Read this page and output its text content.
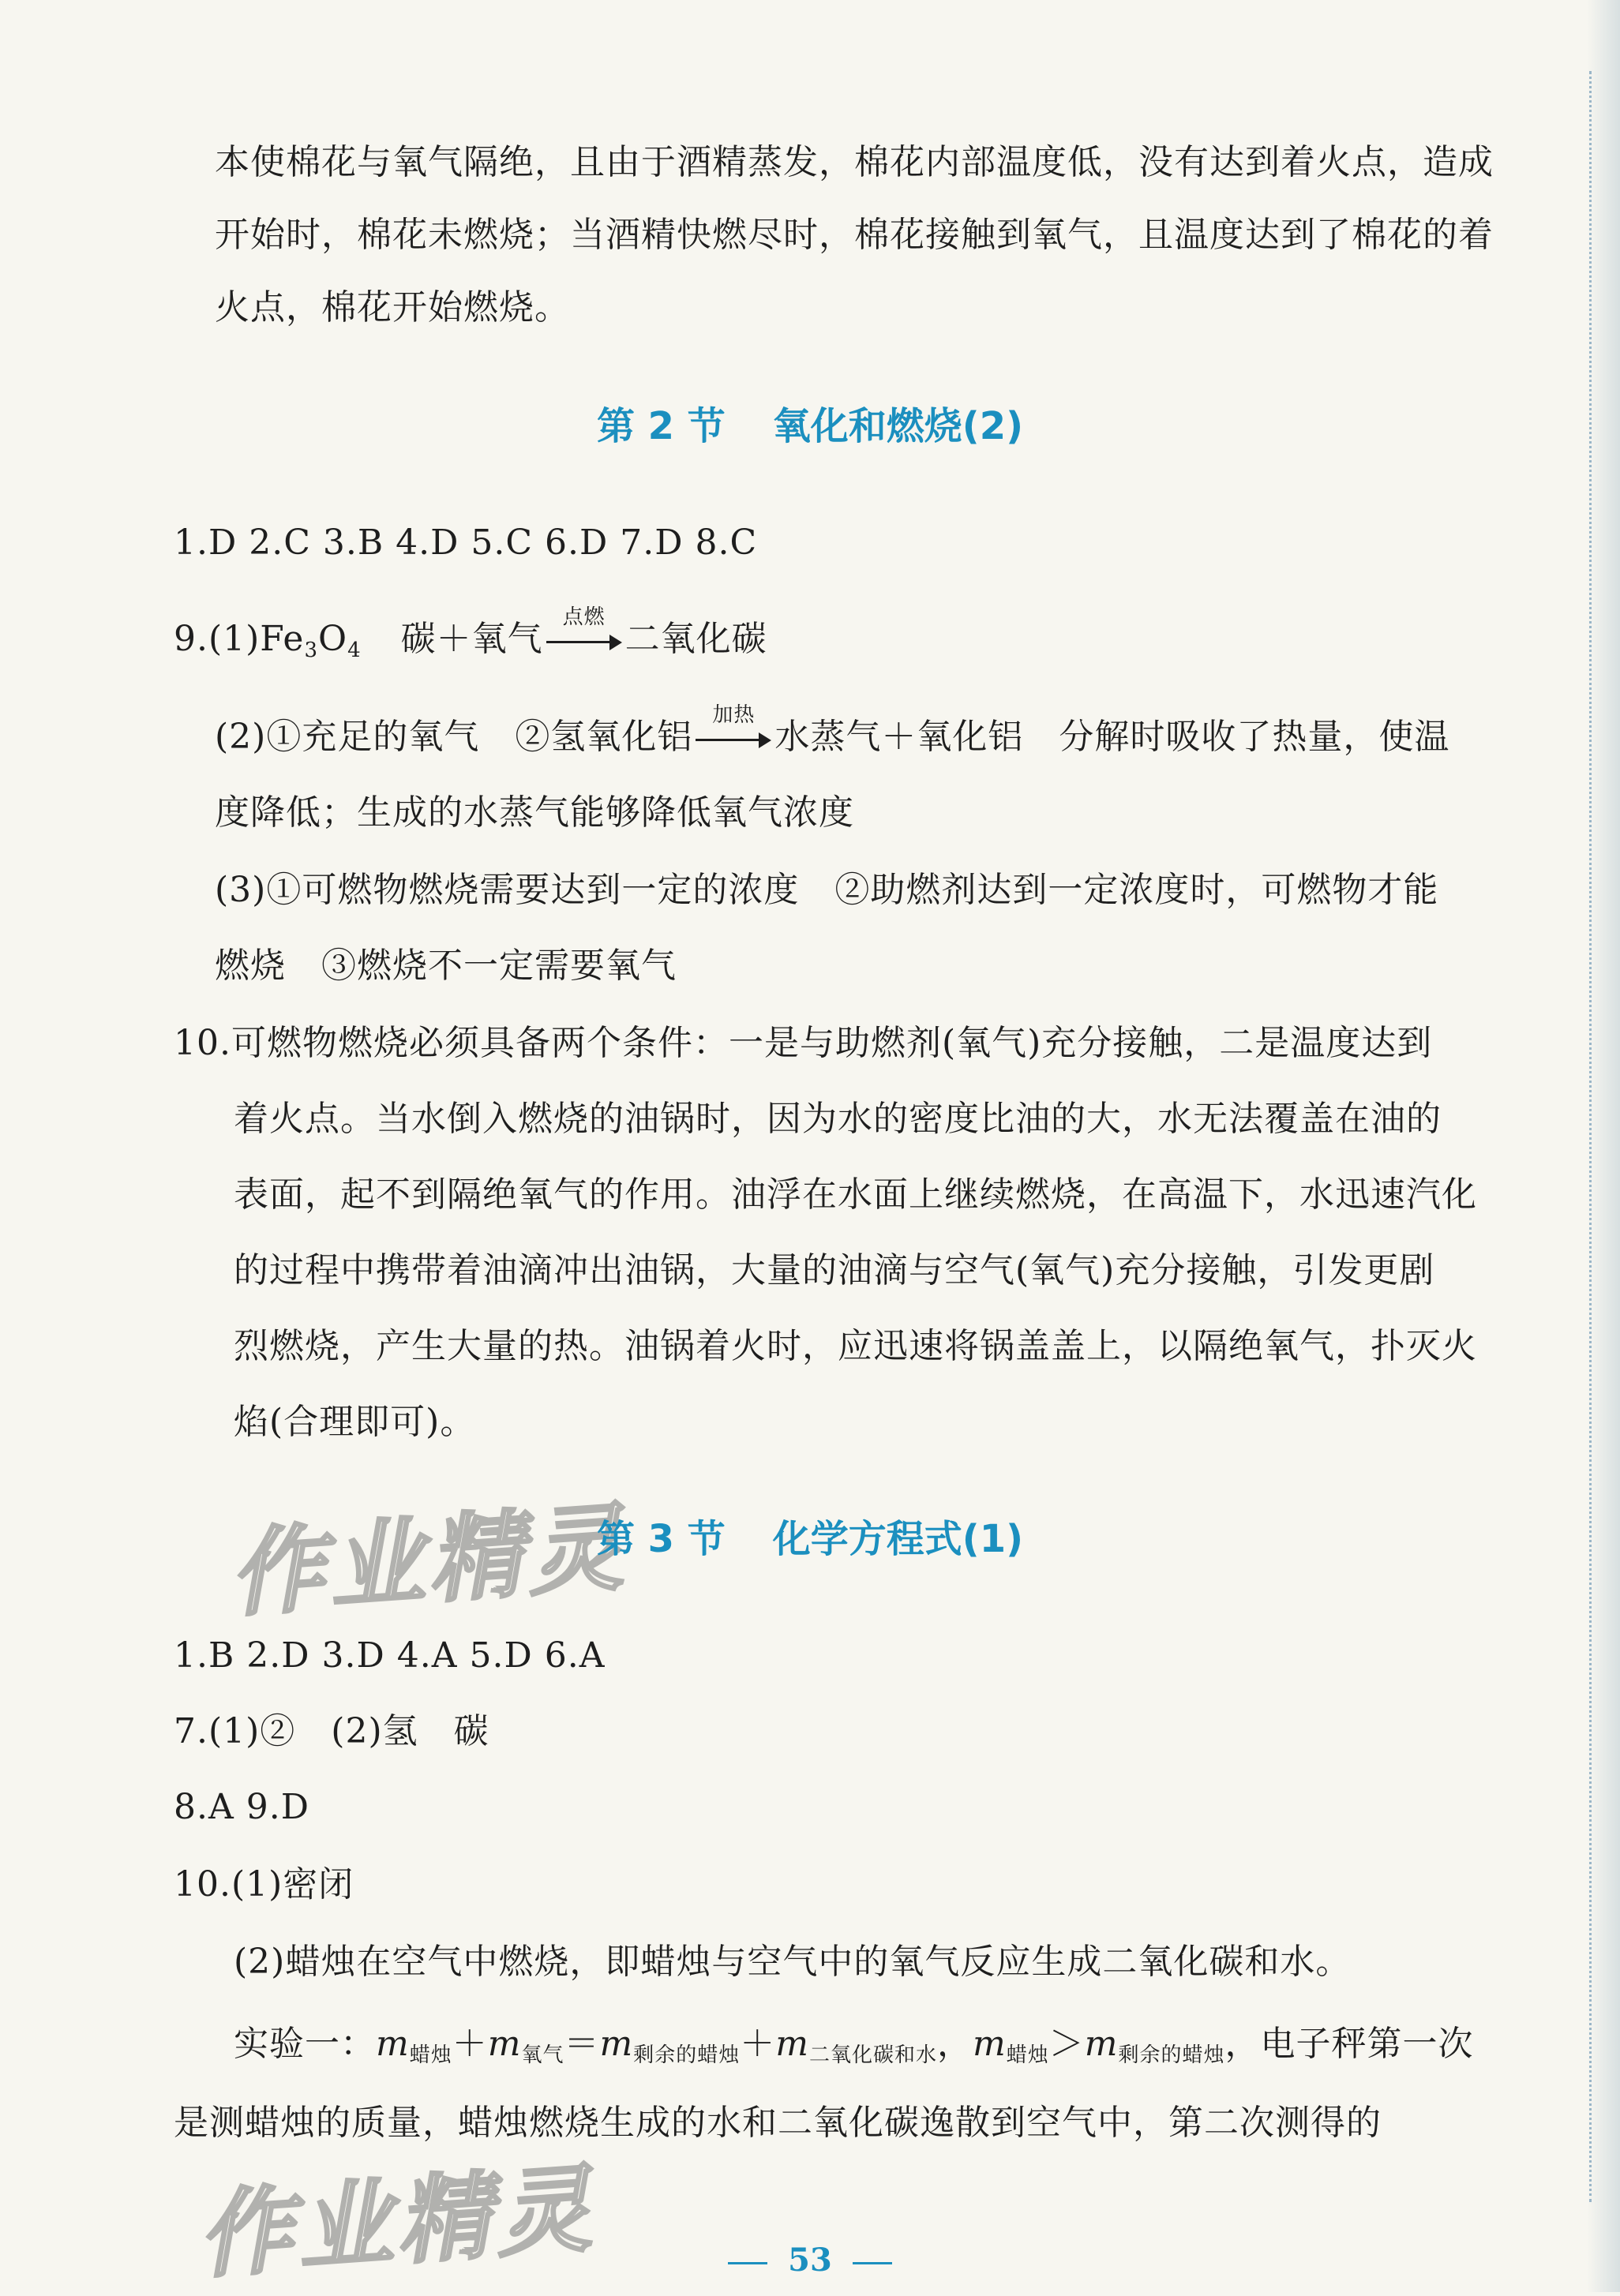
本使棉花与氧气隔绝，且由于酒精蒸发，棉花内部温度低，没有达到着火点，造成
开始时，棉花未燃烧；当酒精快燃尽时，棉花接触到氧气，且温度达到了棉花的着
火点，棉花开始燃烧。
第 2 节 氧化和燃烧(2)
1.D 2.C 3.B 4.D 5.C 6.D 7.D 8.C
$9.(1)Fe_3O_4$ 碳＋氧气
点燃
二氧化碳
(2)①充足的氧气　②氢氧化铝
加热
水蒸气＋氧化铝　分解时吸收了热量，使温
度降低；生成的水蒸气能够降低氧气浓度
(3)①可燃物燃烧需要达到一定的浓度　②助燃剂达到一定浓度时，可燃物才能
燃烧　③燃烧不一定需要氧气
10.可燃物燃烧必须具备两个条件：一是与助燃剂(氧气)充分接触，二是温度达到
着火点。当水倒入燃烧的油锅时，因为水的密度比油的大，水无法覆盖在油的
表面，起不到隔绝氧气的作用。油浮在水面上继续燃烧，在高温下，水迅速汽化
的过程中携带着油滴冲出油锅，大量的油滴与空气(氧气)充分接触，引发更剧
烈燃烧，产生大量的热。油锅着火时，应迅速将锅盖盖上，以隔绝氧气，扑灭火
焰(合理即可)。
作业精灵
第 3 节 化学方程式(1)
1.B 2.D 3.D 4.A 5.D 6.A
7.(1)②　(2)氢　碳
8.A 9.D
10.(1)密闭
(2)蜡烛在空气中燃烧，即蜡烛与空气中的氧气反应生成二氧化碳和水。
实验一：$m_{蜡烛}+m_{氧气}=m_{剩余的蜡烛}+m_{二氧化碳和水}$，$m_{蜡烛}>m_{剩余的蜡烛}$，电子秤第一次
是测蜡烛的质量，蜡烛燃烧生成的水和二氧化碳逸散到空气中，第二次测得的
作业精灵	53
